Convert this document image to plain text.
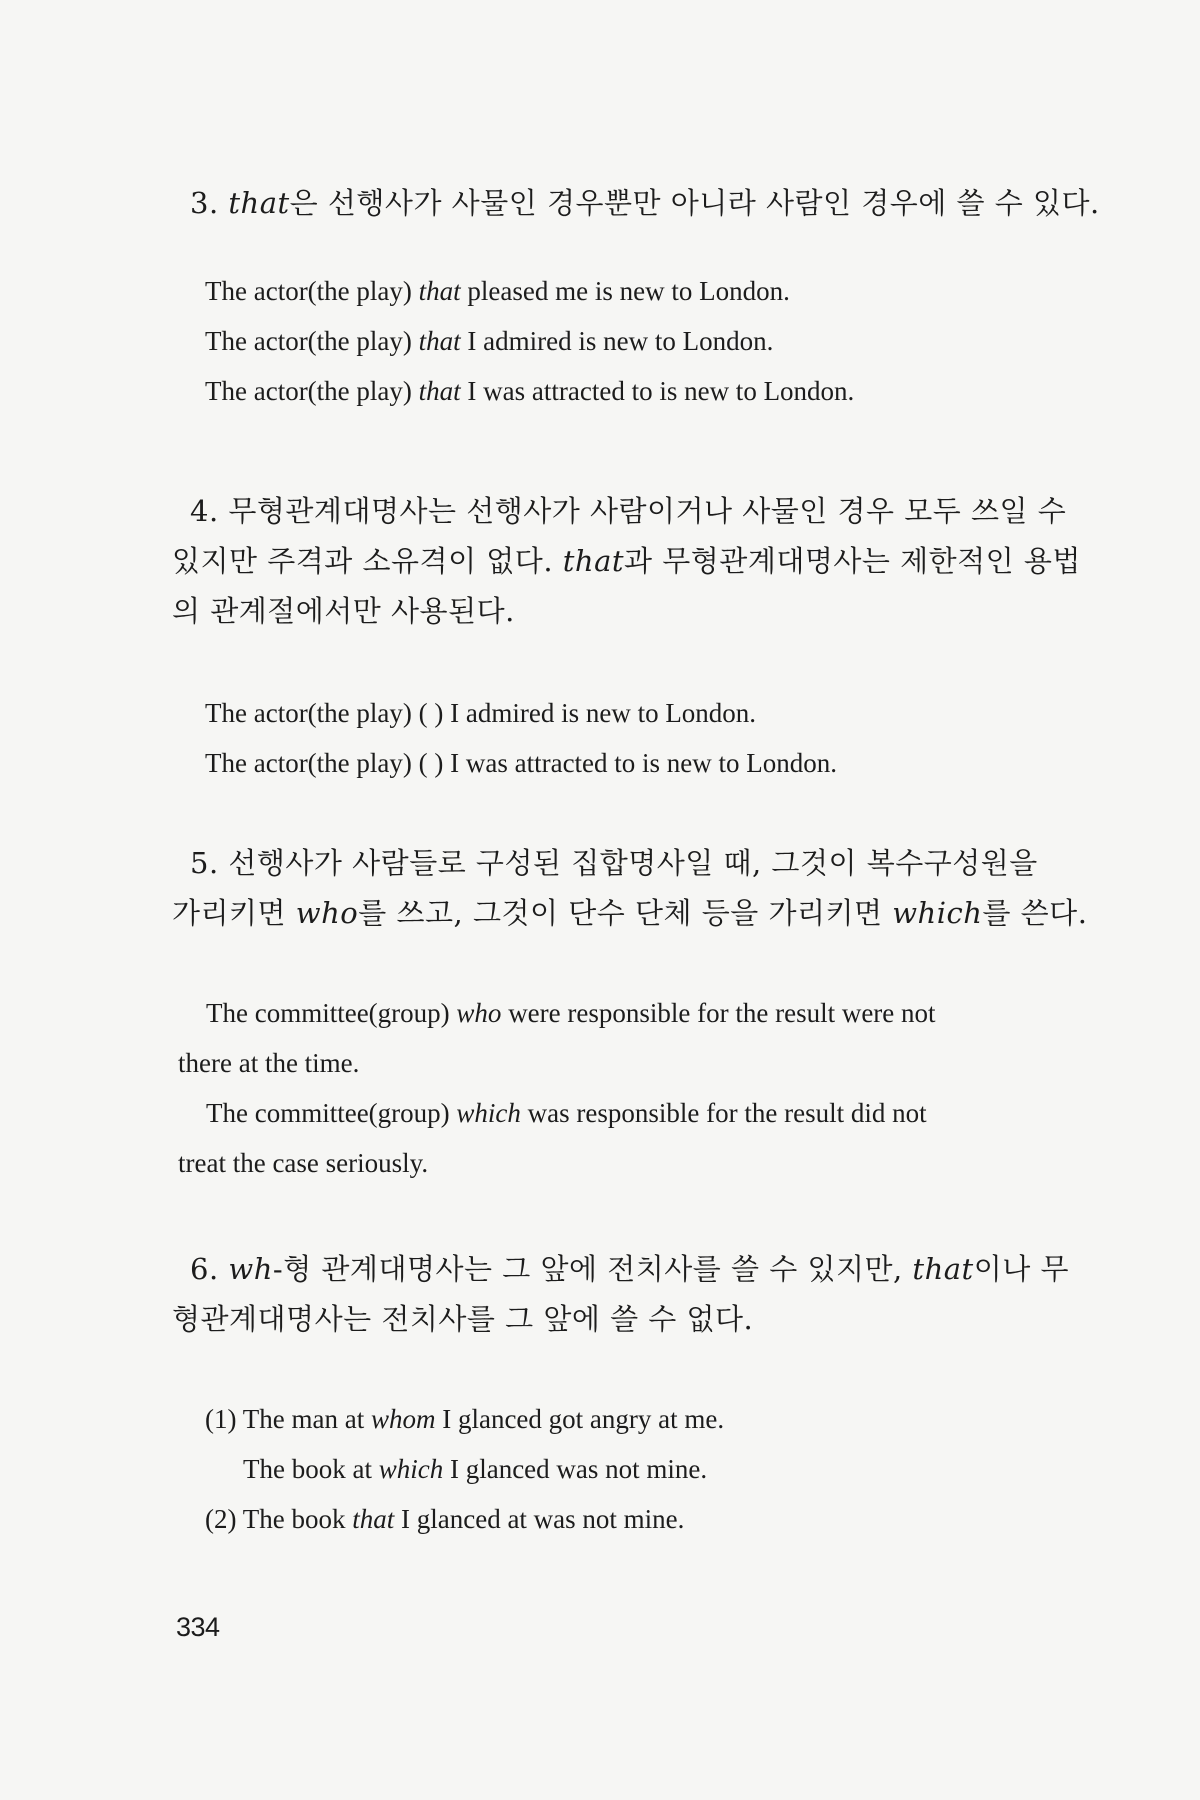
3. that은 선행사가 사물인 경우뿐만 아니라 사람인 경우에 쓸 수 있다.
The actor(the play) that pleased me is new to London.
The actor(the play) that I admired is new to London.
The actor(the play) that I was attracted to is new to London.
4. 무형관계대명사는 선행사가 사람이거나 사물인 경우 모두 쓰일 수
있지만 주격과 소유격이 없다. that과 무형관계대명사는 제한적인 용법
의 관계절에서만 사용된다.
The actor(the play) ( ) I admired is new to London.
The actor(the play) ( ) I was attracted to is new to London.
5. 선행사가 사람들로 구성된 집합명사일 때, 그것이 복수구성원을
가리키면 who를 쓰고, 그것이 단수 단체 등을 가리키면 which를 쓴다.
The committee(group) who were responsible for the result were not
there at the time.
The committee(group) which was responsible for the result did not
treat the case seriously.
6. wh-형 관계대명사는 그 앞에 전치사를 쓸 수 있지만, that이나 무
형관계대명사는 전치사를 그 앞에 쓸 수 없다.
(1) The man at whom I glanced got angry at me.
The book at which I glanced was not mine.
(2) The book that I glanced at was not mine.
334
